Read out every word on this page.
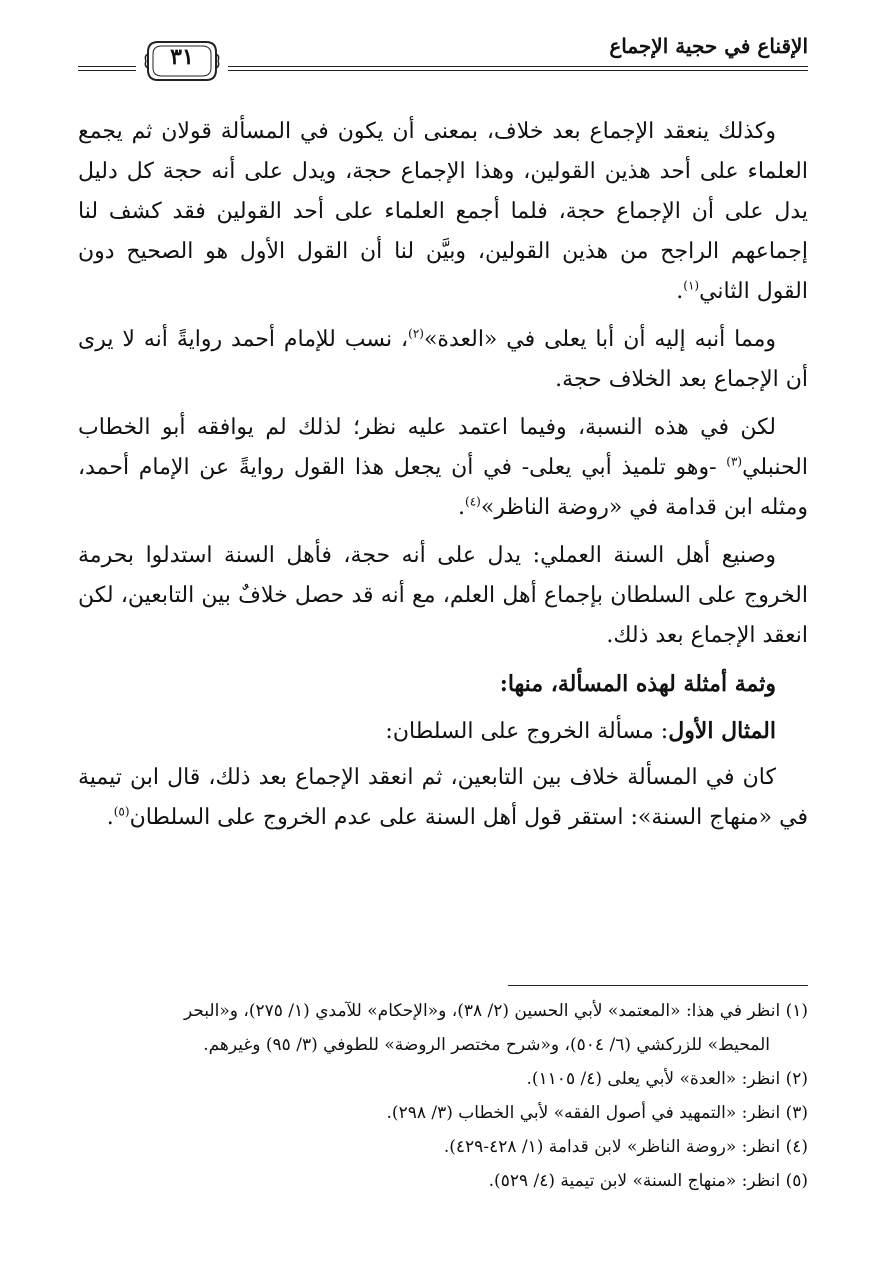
الإقناع في حجية الإجماع
٣١

وكذلك ينعقد الإجماع بعد خلاف، بمعنى أن يكون في المسألة قولان ثم يجمع العلماء على أحد هذين القولين، وهذا الإجماع حجة، ويدل على أنه حجة كل دليل يدل على أن الإجماع حجة، فلما أجمع العلماء على أحد القولين فقد كشف لنا إجماعهم الراجح من هذين القولين، وبيَّن لنا أن القول الأول هو الصحيح دون القول الثاني$^{(١)}$.

ومما أنبه إليه أن أبا يعلى في «العدة»$^{(٢)}$، نسب للإمام أحمد روايةً أنه لا يرى أن الإجماع بعد الخلاف حجة.

لكن في هذه النسبة، وفيما اعتمد عليه نظر؛ لذلك لم يوافقه أبو الخطاب الحنبلي$^{(٣)}$ -وهو تلميذ أبي يعلى- في أن يجعل هذا القول روايةً عن الإمام أحمد، ومثله ابن قدامة في «روضة الناظر»$^{(٤)}$.

وصنيع أهل السنة العملي: يدل على أنه حجة، فأهل السنة استدلوا بحرمة الخروج على السلطان بإجماع أهل العلم، مع أنه قد حصل خلافٌ بين التابعين، لكن انعقد الإجماع بعد ذلك.

وثمة أمثلة لهذه المسألة، منها:

المثال الأول: مسألة الخروج على السلطان:

كان في المسألة خلاف بين التابعين، ثم انعقد الإجماع بعد ذلك، قال ابن تيمية في «منهاج السنة»: استقر قول أهل السنة على عدم الخروج على السلطان$^{(٥)}$.

(١) انظر في هذا: «المعتمد» لأبي الحسين (٢/ ٣٨)، و«الإحكام» للآمدي (١/ ٢٧٥)، و«البحر
المحيط» للزركشي (٦/ ٥٠٤)، و«شرح مختصر الروضة» للطوفي (٣/ ٩٥) وغيرهم.

(٢) انظر: «العدة» لأبي يعلى (٤/ ١١٠٥).

(٣) انظر: «التمهيد في أصول الفقه» لأبي الخطاب (٣/ ٢٩٨).

(٤) انظر: «روضة الناظر» لابن قدامة (١/ ٤٢٨-٤٢٩).

(٥) انظر: «منهاج السنة» لابن تيمية (٤/ ٥٢٩).
